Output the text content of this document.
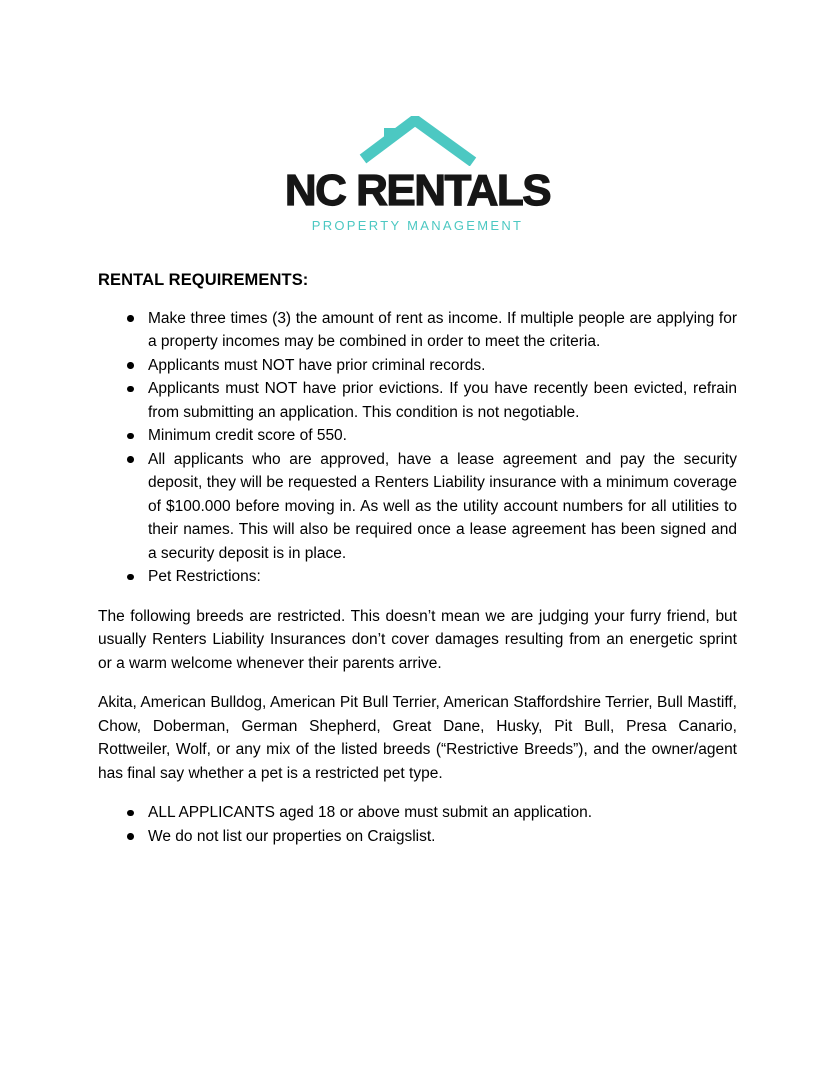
NC RENTALS
PROPERTY MANAGEMENT
RENTAL REQUIREMENTS:
Make three times (3) the amount of rent as income. If multiple people are applying for a property incomes may be combined in order to meet the criteria.
Applicants must NOT have prior criminal records.
Applicants must NOT have prior evictions. If you have recently been evicted, refrain from submitting an application. This condition is not negotiable.
Minimum credit score of 550.
All applicants who are approved, have a lease agreement and pay the security deposit, they will be requested a Renters Liability insurance with a minimum coverage of $100.000 before moving in. As well as the utility account numbers for all utilities to their names. This will also be required once a lease agreement has been signed and a security deposit is in place.
Pet Restrictions:

The following breeds are restricted. This doesn’t mean we are judging your furry friend, but usually Renters Liability Insurances don’t cover damages resulting from an energetic sprint or a warm welcome whenever their parents arrive.

Akita, American Bulldog, American Pit Bull Terrier, American Staffordshire Terrier, Bull Mastiff, Chow, Doberman, German Shepherd, Great Dane, Husky, Pit Bull, Presa Canario, Rottweiler, Wolf, or any mix of the listed breeds (“Restrictive Breeds”), and the owner/agent has final say whether a pet is a restricted pet type.

ALL APPLICANTS aged 18 or above must submit an application.
We do not list our properties on Craigslist.
